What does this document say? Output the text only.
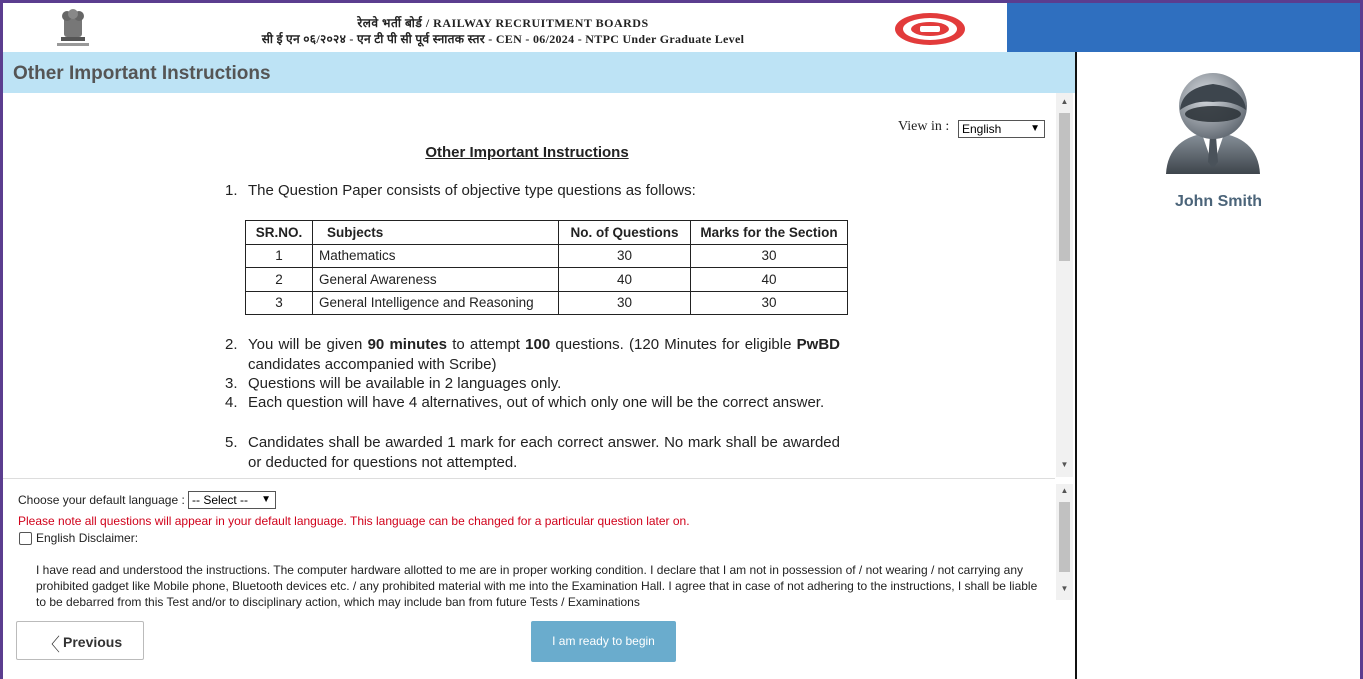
रेलवे भर्ती बोर्ड / RAILWAY RECRUITMENT BOARDS
सी ई एन ०६/२०२४ - एन टी पी सी पूर्व स्नातक स्तर - CEN - 06/2024 - NTPC Under Graduate Level
Other Important Instructions
View in :	English	▼
Other Important Instructions
1. The Question Paper consists of objective type questions as follows:
SR.NO.	Subjects	No. of Questions	Marks for the Section
1	Mathematics	30	30
2	General Awareness	40	40
3	General Intelligence and Reasoning	30	30
2. You will be given 90 minutes to attempt 100 questions. (120 Minutes for eligible PwBD candidates accompanied with Scribe)
3. Questions will be available in 2 languages only.
4. Each question will have 4 alternatives, out of which only one will be the correct answer.
5. Candidates shall be awarded 1 mark for each correct answer. No mark shall be awarded or deducted for questions not attempted.
▲
▼
Choose your default language : -- Select -- ▼
Please note all questions will appear in your default language. This language can be changed for a particular question later on.
English Disclaimer:
I have read and understood the instructions. The computer hardware allotted to me are in proper working condition. I declare that I am not in possession of / not wearing / not carrying any prohibited gadget like Mobile phone, Bluetooth devices etc. / any prohibited material with me into the Examination Hall. I agree that in case of not adhering to the instructions, I shall be liable to be debarred from this Test and/or to disciplinary action, which may include ban from future Tests / Examinations
▲
▼
〈 Previous	I am ready to begin
John Smith
